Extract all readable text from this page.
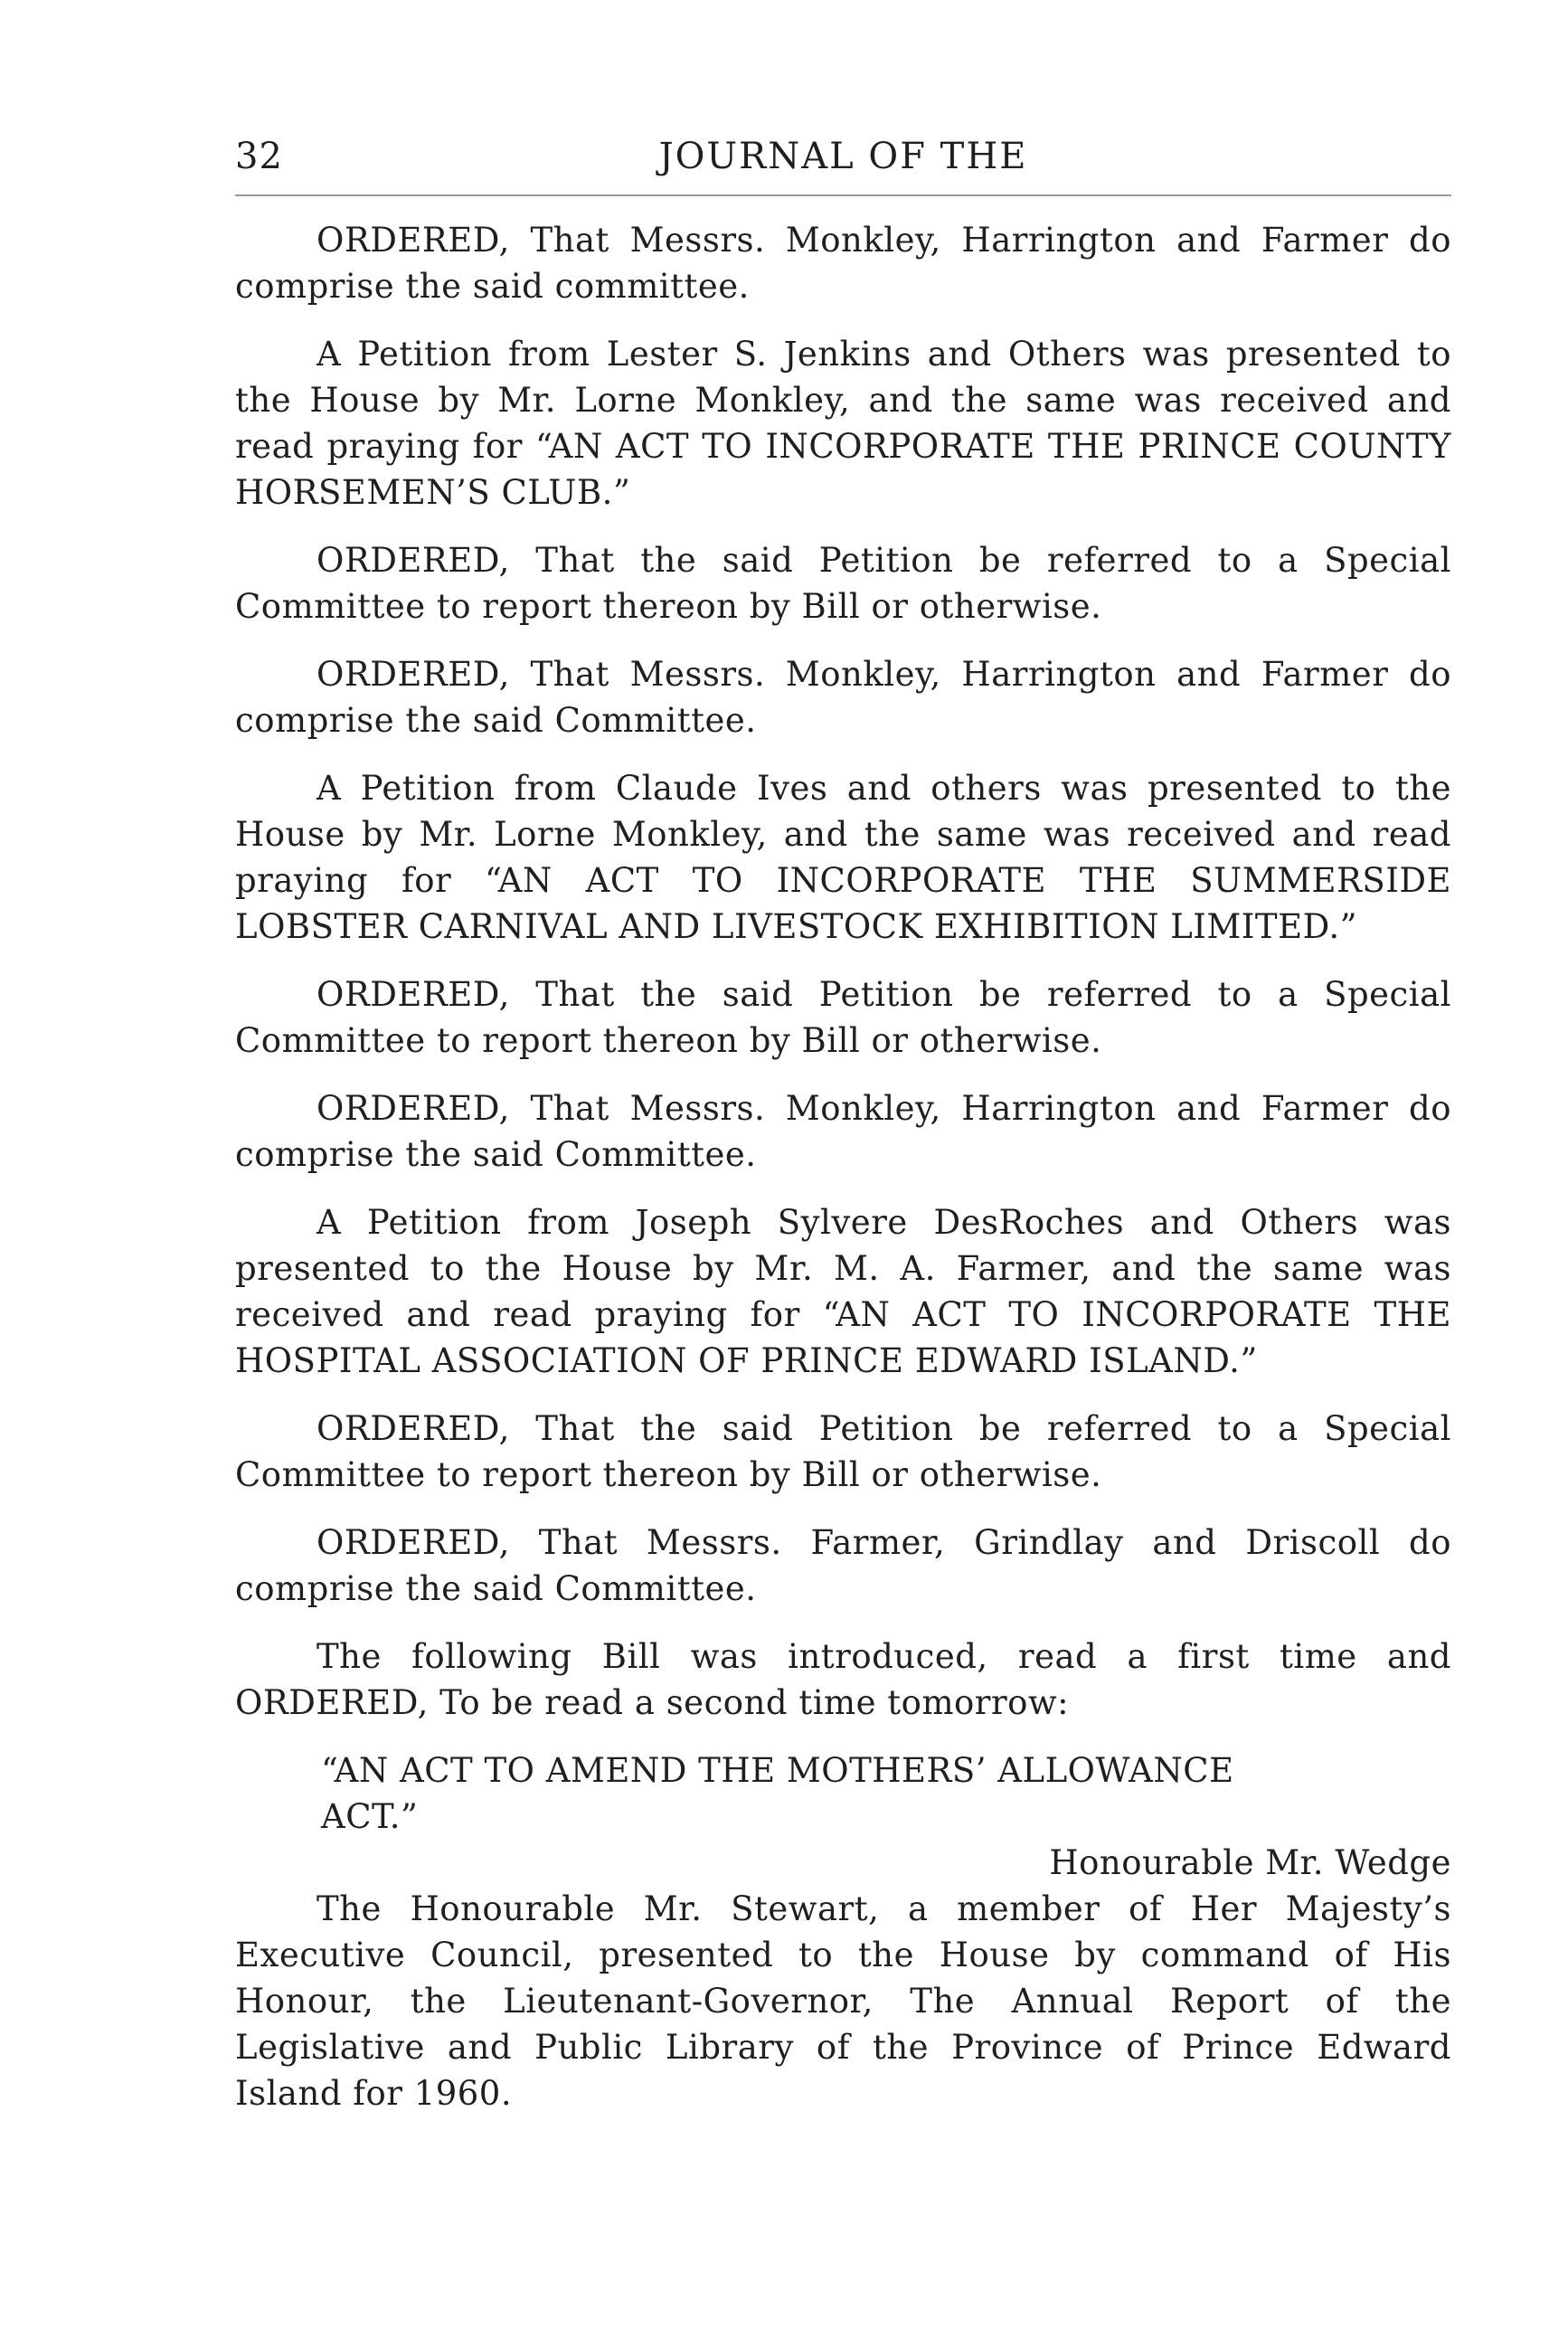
32	JOURNAL OF THE

ORDERED, That Messrs. Monkley, Harrington and Farmer do comprise the said committee.

A Petition from Lester S. Jenkins and Others was presented to the House by Mr. Lorne Monkley, and the same was received and read praying for “AN ACT TO INCORPORATE THE PRINCE COUNTY HORSEMEN’S CLUB.”

ORDERED, That the said Petition be referred to a Special Committee to report thereon by Bill or otherwise.

ORDERED, That Messrs. Monkley, Harrington and Farmer do comprise the said Committee.

A Petition from Claude Ives and others was presented to the House by Mr. Lorne Monkley, and the same was received and read praying for “AN ACT TO INCORPORATE THE SUMMERSIDE LOBSTER CARNIVAL AND LIVESTOCK EXHIBITION LIMITED.”

ORDERED, That the said Petition be referred to a Special Committee to report thereon by Bill or otherwise.

ORDERED, That Messrs. Monkley, Harrington and Farmer do comprise the said Committee.

A Petition from Joseph Sylvere DesRoches and Others was presented to the House by Mr. M. A. Farmer, and the same was received and read praying for “AN ACT TO INCORPORATE THE HOSPITAL ASSOCIATION OF PRINCE EDWARD ISLAND.”

ORDERED, That the said Petition be referred to a Special Committee to report thereon by Bill or otherwise.

ORDERED, That Messrs. Farmer, Grindlay and Driscoll do comprise the said Committee.

The following Bill was introduced, read a first time and ORDERED, To be read a second time tomorrow:

“AN ACT TO AMEND THE MOTHERS’ ALLOWANCE ACT.”

Honourable Mr. Wedge

The Honourable Mr. Stewart, a member of Her Majesty’s Executive Council, presented to the House by command of His Honour, the Lieutenant-Governor, The Annual Report of the Legislative and Public Library of the Province of Prince Edward Island for 1960.
